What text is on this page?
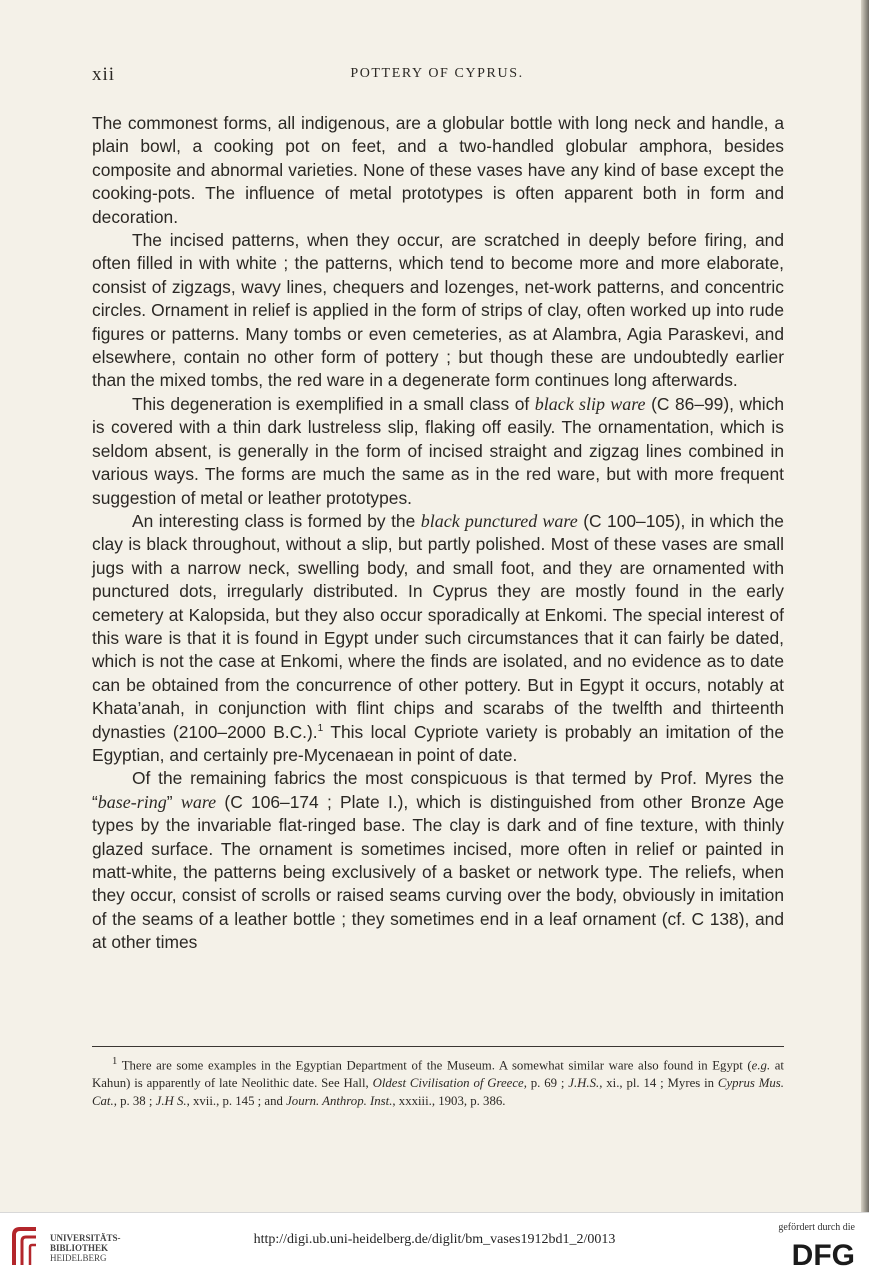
xii	POTTERY OF CYPRUS.

The commonest forms, all indigenous, are a globular bottle with long neck and handle, a plain bowl, a cooking pot on feet, and a two-handled globular amphora, besides composite and abnormal varieties. None of these vases have any kind of base except the cooking-pots. The influence of metal prototypes is often apparent both in form and decoration.

The incised patterns, when they occur, are scratched in deeply before firing, and often filled in with white ; the patterns, which tend to become more and more elaborate, consist of zigzags, wavy lines, chequers and lozenges, net-work patterns, and concentric circles. Ornament in relief is applied in the form of strips of clay, often worked up into rude figures or patterns. Many tombs or even cemeteries, as at Alambra, Agia Paraskevi, and elsewhere, contain no other form of pottery ; but though these are undoubtedly earlier than the mixed tombs, the red ware in a degenerate form continues long afterwards.

This degeneration is exemplified in a small class of black slip ware (C 86–99), which is covered with a thin dark lustreless slip, flaking off easily. The ornamentation, which is seldom absent, is generally in the form of incised straight and zigzag lines combined in various ways. The forms are much the same as in the red ware, but with more frequent suggestion of metal or leather prototypes.

An interesting class is formed by the black punctured ware (C 100–105), in which the clay is black throughout, without a slip, but partly polished. Most of these vases are small jugs with a narrow neck, swelling body, and small foot, and they are ornamented with punctured dots, irregularly distributed. In Cyprus they are mostly found in the early cemetery at Kalopsida, but they also occur sporadically at Enkomi. The special interest of this ware is that it is found in Egypt under such circumstances that it can fairly be dated, which is not the case at Enkomi, where the finds are isolated, and no evidence as to date can be obtained from the concurrence of other pottery. But in Egypt it occurs, notably at Khata’anah, in conjunction with flint chips and scarabs of the twelfth and thirteenth dynasties (2100–2000 B.C.).$^1$ This local Cypriote variety is probably an imitation of the Egyptian, and certainly pre-Mycenaean in point of date.

Of the remaining fabrics the most conspicuous is that termed by Prof. Myres the “base-ring” ware (C 106–174 ; Plate I.), which is distinguished from other Bronze Age types by the invariable flat-ringed base. The clay is dark and of fine texture, with thinly glazed surface. The ornament is sometimes incised, more often in relief or painted in matt-white, the patterns being exclusively of a basket or network type. The reliefs, when they occur, consist of scrolls or raised seams curving over the body, obviously in imitation of the seams of a leather bottle ; they sometimes end in a leaf ornament (cf. C 138), and at other times

$^1$ There are some examples in the Egyptian Department of the Museum. A somewhat similar ware also found in Egypt (e.g. at Kahun) is apparently of late Neolithic date. See Hall, Oldest Civilisation of Greece, p. 69 ; J.H.S., xi., pl. 14 ; Myres in Cyprus Mus. Cat., p. 38 ; J.H S., xvii., p. 145 ; and Journ. Anthrop. Inst., xxxiii., 1903, p. 386.

UNIVERSITÄTS-
BIBLIOTHEK
HEIDELBERG
http://digi.ub.uni-heidelberg.de/diglit/bm_vases1912bd1_2/0013
gefördert durch die
DFG
